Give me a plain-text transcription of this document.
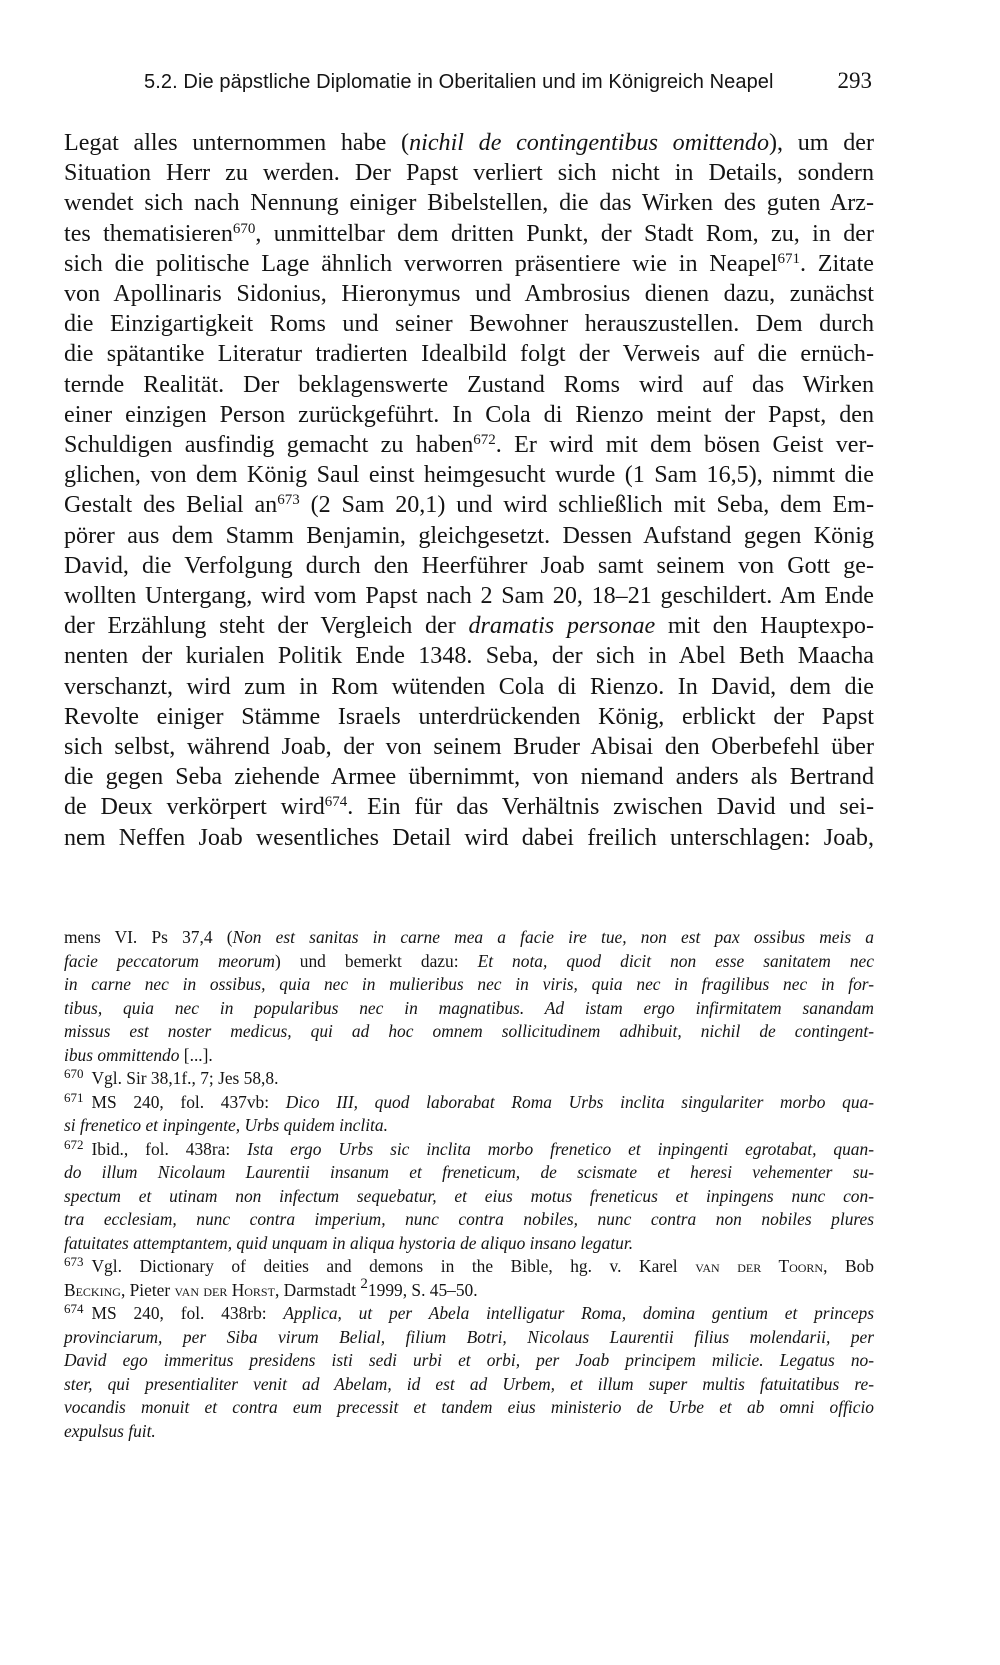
5.2. Die päpstliche Diplomatie in Oberitalien und im Königreich Neapel	293

Legat alles unternommen habe (nichil de contingentibus omittendo), um der

Situation Herr zu werden. Der Papst verliert sich nicht in Details, sondern

wendet sich nach Nennung einiger Bibelstellen, die das Wirken des guten Arz-

tes thematisieren$^{670}$, unmittelbar dem dritten Punkt, der Stadt Rom, zu, in der

sich die politische Lage ähnlich verworren präsentiere wie in Neapel$^{671}$. Zitate

von Apollinaris Sidonius, Hieronymus und Ambrosius dienen dazu, zunächst

die Einzigartigkeit Roms und seiner Bewohner herauszustellen. Dem durch

die spätantike Literatur tradierten Idealbild folgt der Verweis auf die ernüch-

ternde Realität. Der beklagenswerte Zustand Roms wird auf das Wirken

einer einzigen Person zurückgeführt. In Cola di Rienzo meint der Papst, den

Schuldigen ausfindig gemacht zu haben$^{672}$. Er wird mit dem bösen Geist ver-

glichen, von dem König Saul einst heimgesucht wurde (1 Sam 16,5), nimmt die

Gestalt des Belial $an^{673}$ (2 Sam 20,1) und wird schließlich mit Seba, dem Em-

pörer aus dem Stamm Benjamin, gleichgesetzt. Dessen Aufstand gegen König

David, die Verfolgung durch den Heerführer Joab samt seinem von Gott ge-

wollten Untergang, wird vom Papst nach 2 Sam 20, 18–21 geschildert. Am Ende

der Erzählung steht der Vergleich der dramatis personae mit den Hauptexpo-

nenten der kurialen Politik Ende 1348. Seba, der sich in Abel Beth Maacha

verschanzt, wird zum in Rom wütenden Cola di Rienzo. In David, dem die

Revolte einiger Stämme Israels unterdrückenden König, erblickt der Papst

sich selbst, während Joab, der von seinem Bruder Abisai den Oberbefehl über

die gegen Seba ziehende Armee übernimmt, von niemand anders als Bertrand

de Deux verkörpert wird$^{674}$. Ein für das Verhältnis zwischen David und sei-

nem Neffen Joab wesentliches Detail wird dabei freilich unterschlagen: Joab,

mens VI. Ps 37,4 (Non est sanitas in carne mea a facie ire tue, non est pax ossibus meis a
facie peccatorum meorum) und bemerkt dazu: Et nota, quod dicit non esse sanitatem nec
in carne nec in ossibus, quia nec in mulieribus nec in viris, quia nec in fragilibus nec in for-
tibus, quia nec in popularibus nec in magnatibus. Ad istam ergo infirmitatem sanandam
missus est noster medicus, qui ad hoc omnem sollicitudinem adhibuit, nichil de contingent-
ibus ommittendo [...].
$^{670}$ Vgl. Sir 38,1f., 7; Jes 58,8.
$^{671}$ MS 240, fol. 437vb: Dico III, quod laborabat Roma Urbs inclita singulariter morbo qua-
si frenetico et inpingente, Urbs quidem inclita.
$^{672}$ Ibid., fol. 438ra: Ista ergo Urbs sic inclita morbo frenetico et inpingenti egrotabat, quan-
do illum Nicolaum Laurentii insanum et freneticum, de scismate et heresi vehementer su-
spectum et utinam non infectum sequebatur, et eius motus freneticus et inpingens nunc con-
tra ecclesiam, nunc contra imperium, nunc contra nobiles, nunc contra non nobiles plures
fatuitates attemptantem, quid unquam in aliqua hystoria de aliquo insano legatur.
$^{673}$ Vgl. Dictionary of deities and demons in the Bible, hg. v. Karel van der Toorn, Bob
Becking, Pieter van der Horst, Darmstadt $^2$1999, S. 45–50.
$^{674}$ MS 240, fol. 438rb: Applica, ut per Abela intelligatur Roma, domina gentium et princeps
provinciarum, per Siba virum Belial, filium Botri, Nicolaus Laurentii filius molendarii, per
David ego immeritus presidens isti sedi urbi et orbi, per Joab principem milicie. Legatus no-
ster, qui presentialiter venit ad Abelam, id est ad Urbem, et illum super multis fatuitatibus re-
vocandis monuit et contra eum precessit et tandem eius ministerio de Urbe et ab omni officio
expulsus fuit.
